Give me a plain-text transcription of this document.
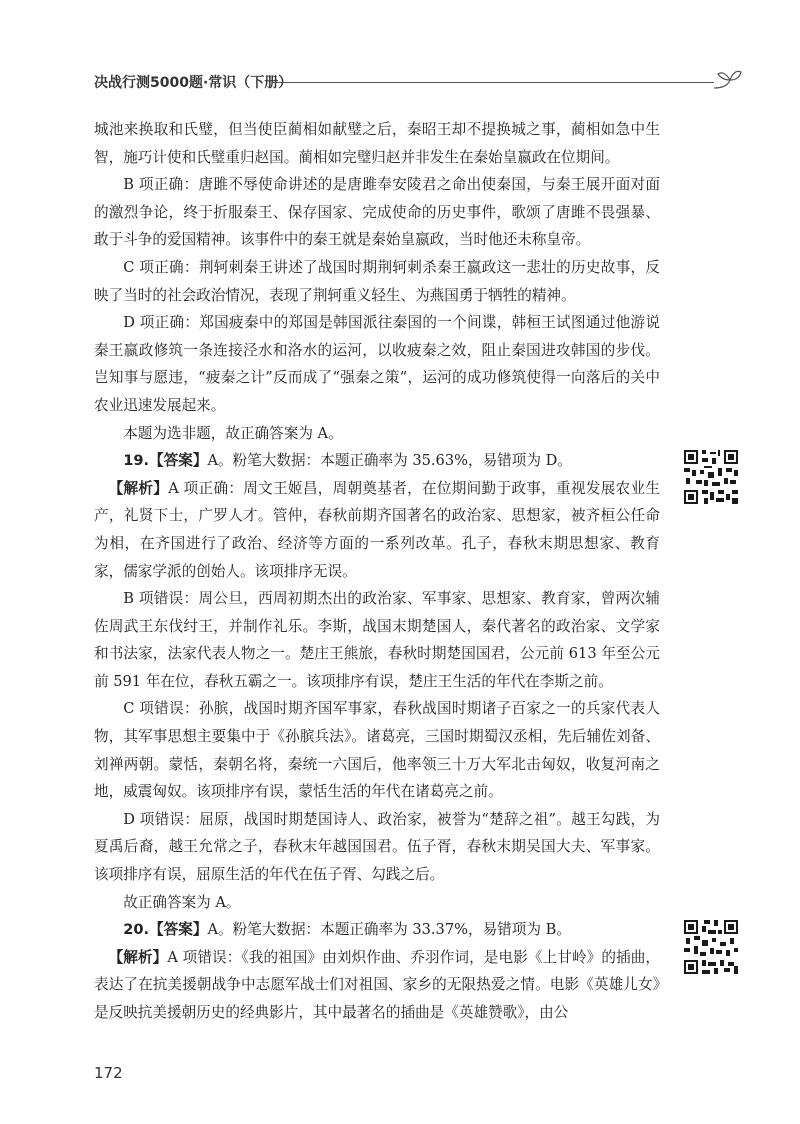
决战行测5000题·常识（下册）

城池来换取和氏璧，但当使臣蔺相如献璧之后，秦昭王却不提换城之事，蔺相如急中生智，施巧计使和氏璧重归赵国。蔺相如完璧归赵并非发生在秦始皇嬴政在位期间。

B 项正确：唐雎不辱使命讲述的是唐雎奉安陵君之命出使秦国，与秦王展开面对面的激烈争论，终于折服秦王、保存国家、完成使命的历史事件，歌颂了唐雎不畏强暴、敢于斗争的爱国精神。该事件中的秦王就是秦始皇嬴政，当时他还未称皇帝。

C 项正确：荆轲刺秦王讲述了战国时期荆轲刺杀秦王嬴政这一悲壮的历史故事，反映了当时的社会政治情况，表现了荆轲重义轻生、为燕国勇于牺牲的精神。

D 项正确：郑国疲秦中的郑国是韩国派往秦国的一个间谍，韩桓王试图通过他游说秦王嬴政修筑一条连接泾水和洛水的运河，以收疲秦之效，阻止秦国进攻韩国的步伐。岂知事与愿违，“疲秦之计”反而成了“强秦之策”，运河的成功修筑使得一向落后的关中农业迅速发展起来。

本题为选非题，故正确答案为 A。

19.【答案】A。粉笔大数据：本题正确率为 35.63%，易错项为 D。

【解析】A 项正确：周文王姬昌，周朝奠基者，在位期间勤于政事，重视发展农业生产，礼贤下士，广罗人才。管仲，春秋前期齐国著名的政治家、思想家，被齐桓公任命为相，在齐国进行了政治、经济等方面的一系列改革。孔子，春秋末期思想家、教育家，儒家学派的创始人。该项排序无误。

B 项错误：周公旦，西周初期杰出的政治家、军事家、思想家、教育家，曾两次辅佐周武王东伐纣王，并制作礼乐。李斯，战国末期楚国人，秦代著名的政治家、文学家和书法家，法家代表人物之一。楚庄王熊旅，春秋时期楚国国君，公元前 613 年至公元前 591 年在位，春秋五霸之一。该项排序有误，楚庄王生活的年代在李斯之前。

C 项错误：孙膑，战国时期齐国军事家，春秋战国时期诸子百家之一的兵家代表人物，其军事思想主要集中于《孙膑兵法》。诸葛亮，三国时期蜀汉丞相，先后辅佐刘备、刘禅两朝。蒙恬，秦朝名将，秦统一六国后，他率领三十万大军北击匈奴，收复河南之地，威震匈奴。该项排序有误，蒙恬生活的年代在诸葛亮之前。

D 项错误：屈原，战国时期楚国诗人、政治家，被誉为“楚辞之祖”。越王勾践，为夏禹后裔，越王允常之子，春秋末年越国国君。伍子胥，春秋末期吴国大夫、军事家。该项排序有误，屈原生活的年代在伍子胥、勾践之后。

故正确答案为 A。

20.【答案】A。粉笔大数据：本题正确率为 33.37%，易错项为 B。

【解析】A 项错误：《我的祖国》由刘炽作曲、乔羽作词，是电影《上甘岭》的插曲，表达了在抗美援朝战争中志愿军战士们对祖国、家乡的无限热爱之情。电影《英雄儿女》是反映抗美援朝历史的经典影片，其中最著名的插曲是《英雄赞歌》，由公

172
